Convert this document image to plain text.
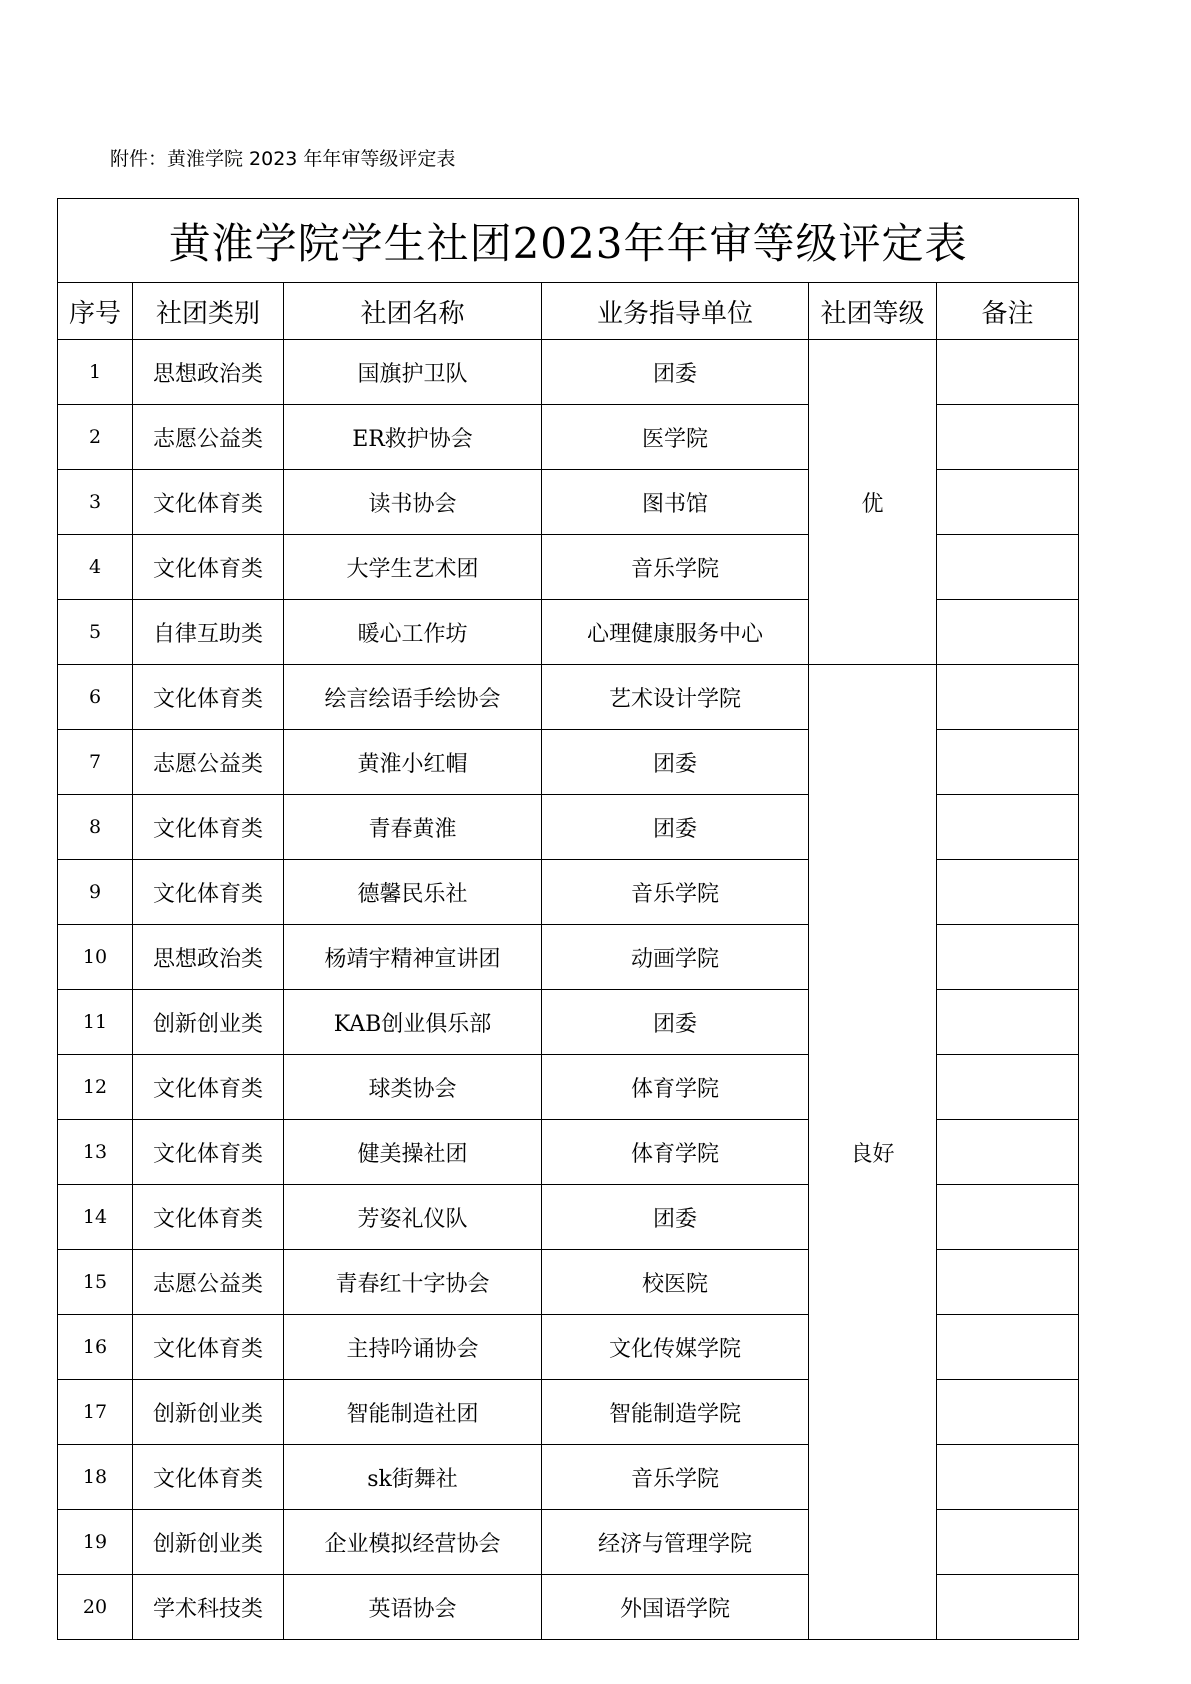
附件：黄淮学院 2023 年年审等级评定表
黄淮学院学生社团2023年年审等级评定表					
序号	社团类别	社团名称	业务指导单位	社团等级	备注
1	思想政治类	国旗护卫队	团委	优	
2	志愿公益类	ER救护协会	医学院		
3	文化体育类	读书协会	图书馆		
4	文化体育类	大学生艺术团	音乐学院		
5	自律互助类	暖心工作坊	心理健康服务中心		
6	文化体育类	绘言绘语手绘协会	艺术设计学院	良好	
7	志愿公益类	黄淮小红帽	团委		
8	文化体育类	青春黄淮	团委		
9	文化体育类	德馨民乐社	音乐学院		
10	思想政治类	杨靖宇精神宣讲团	动画学院		
11	创新创业类	KAB创业俱乐部	团委		
12	文化体育类	球类协会	体育学院		
13	文化体育类	健美操社团	体育学院		
14	文化体育类	芳姿礼仪队	团委		
15	志愿公益类	青春红十字协会	校医院		
16	文化体育类	主持吟诵协会	文化传媒学院		
17	创新创业类	智能制造社团	智能制造学院		
18	文化体育类	sk街舞社	音乐学院		
19	创新创业类	企业模拟经营协会	经济与管理学院		
20	学术科技类	英语协会	外国语学院		
